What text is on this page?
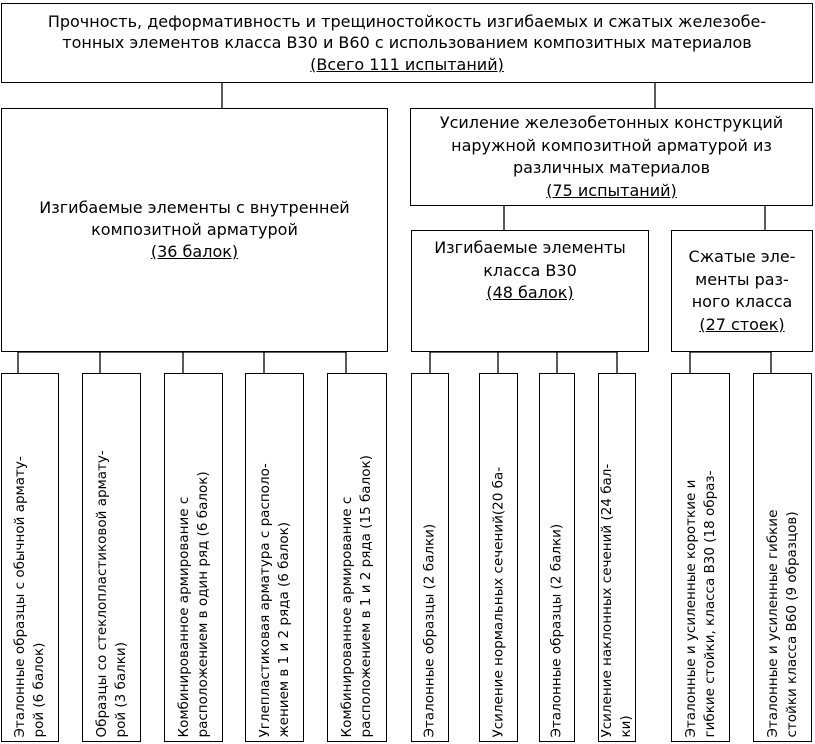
Прочность, деформативность и трещиностойкость изгибаемых и сжатых железобе-
тонных элементов класса В30 и В60 с использованием композитных материалов
(Всего 111 испытаний)
Изгибаемые элементы с внутренней
композитной арматурой
(36 балок)
Усиление железобетонных конструкций
наружной композитной арматурой из
различных материалов
(75 испытаний)
Изгибаемые элементы
класса В30
(48 балок)
Сжатые эле-
менты раз-
ного класса
(27 стоек)
Эталонные образцы с обычной армату- рой (6 балок)	Образцы со стеклопластиковой армату- рой (3 балки)	Комбинированное армирование с расположением в один ряд (6 балок)	Углепластиковая арматура с располо- жением в 1 и 2 ряда (6 балок)	Комбинированное армирование с расположением в 1 и 2 ряда (15 балок)	Эталонные образцы (2 балки)	Усиление нормальных сечений(20 ба-	Эталонные образцы (2 балки)	Усиление наклонных сечений (24 бал- ки)	Эталонные и усиленные короткие и гибкие стойки, класса В30 (18 образ-	Эталонные и усиленные гибкие стойки класса В60 (9 образцов)
